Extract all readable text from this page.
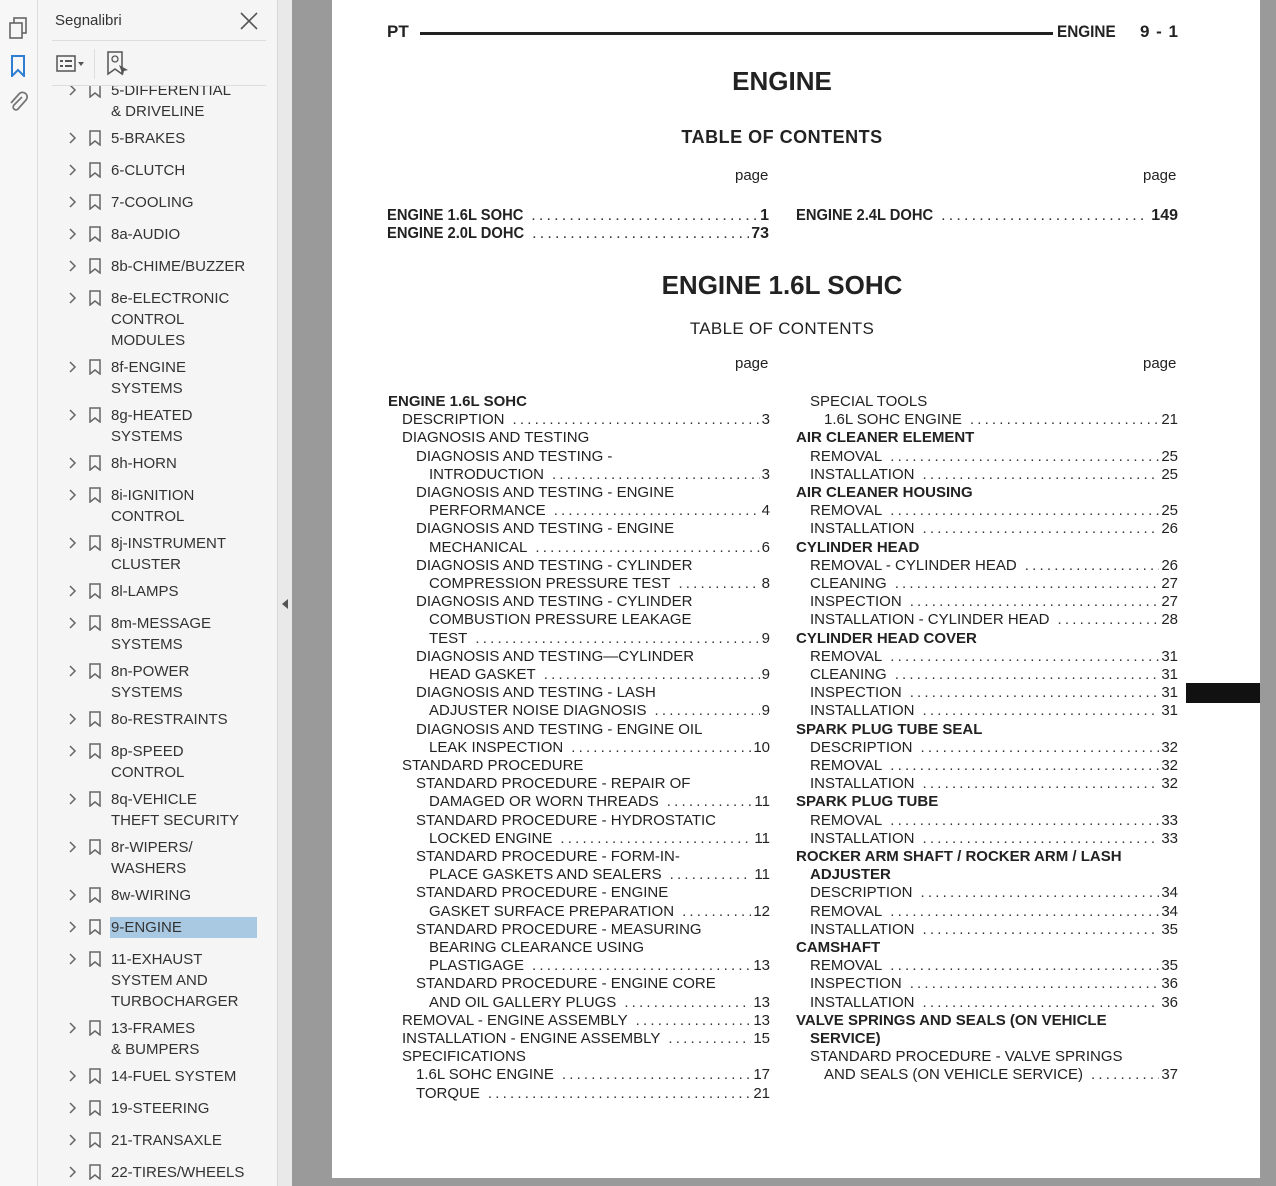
Segnalibri
5-DIFFERENTIAL
& DRIVELINE
5-BRAKES
6-CLUTCH
7-COOLING
8a-AUDIO
8b-CHIME/BUZZER
8e-ELECTRONIC
CONTROL
MODULES
8f-ENGINE
SYSTEMS
8g-HEATED
SYSTEMS
8h-HORN
8i-IGNITION
CONTROL
8j-INSTRUMENT
CLUSTER
8l-LAMPS
8m-MESSAGE
SYSTEMS
8n-POWER
SYSTEMS
8o-RESTRAINTS
8p-SPEED
CONTROL
8q-VEHICLE
THEFT SECURITY
8r-WIPERS/
WASHERS
8w-WIRING
9-ENGINE
11-EXHAUST
SYSTEM AND
TURBOCHARGER
13-FRAMES
& BUMPERS
14-FUEL SYSTEM
19-STEERING
21-TRANSAXLE
22-TIRES/WHEELS
PT	ENGINE 9 - 1
ENGINE
TABLE OF CONTENTS
page	page
ENGINE 1.6L SOHC .....	1
ENGINE 2.0L DOHC .....	73
ENGINE 2.4L DOHC .....	149
ENGINE 1.6L SOHC
TABLE OF CONTENTS
page	page
ENGINE 1.6L SOHC
DESCRIPTION .....	3
DIAGNOSIS AND TESTING
DIAGNOSIS AND TESTING -
INTRODUCTION .....	3
DIAGNOSIS AND TESTING - ENGINE
PERFORMANCE .....	4
DIAGNOSIS AND TESTING - ENGINE
MECHANICAL .....	6
DIAGNOSIS AND TESTING - CYLINDER
COMPRESSION PRESSURE TEST .....	8
DIAGNOSIS AND TESTING - CYLINDER
COMBUSTION PRESSURE LEAKAGE
TEST .....	9
DIAGNOSIS AND TESTING—CYLINDER
HEAD GASKET .....	9
DIAGNOSIS AND TESTING - LASH
ADJUSTER NOISE DIAGNOSIS .....	9
DIAGNOSIS AND TESTING - ENGINE OIL
LEAK INSPECTION .....	10
STANDARD PROCEDURE
STANDARD PROCEDURE - REPAIR OF
DAMAGED OR WORN THREADS .....	11
STANDARD PROCEDURE - HYDROSTATIC
LOCKED ENGINE .....	11
STANDARD PROCEDURE - FORM-IN-
PLACE GASKETS AND SEALERS .....	11
STANDARD PROCEDURE - ENGINE
GASKET SURFACE PREPARATION .....	12
STANDARD PROCEDURE - MEASURING
BEARING CLEARANCE USING
PLASTIGAGE .....	13
STANDARD PROCEDURE - ENGINE CORE
AND OIL GALLERY PLUGS .....	13
REMOVAL - ENGINE ASSEMBLY .....	13
INSTALLATION - ENGINE ASSEMBLY .....	15
SPECIFICATIONS
1.6L SOHC ENGINE .....	17
TORQUE .....	21
SPECIAL TOOLS
1.6L SOHC ENGINE .....	21
AIR CLEANER ELEMENT
REMOVAL .....	25
INSTALLATION .....	25
AIR CLEANER HOUSING
REMOVAL .....	25
INSTALLATION .....	26
CYLINDER HEAD
REMOVAL - CYLINDER HEAD .....	26
CLEANING .....	27
INSPECTION .....	27
INSTALLATION - CYLINDER HEAD .....	28
CYLINDER HEAD COVER
REMOVAL .....	31
CLEANING .....	31
INSPECTION .....	31
INSTALLATION .....	31
SPARK PLUG TUBE SEAL
DESCRIPTION .....	32
REMOVAL .....	32
INSTALLATION .....	32
SPARK PLUG TUBE
REMOVAL .....	33
INSTALLATION .....	33
ROCKER ARM SHAFT / ROCKER ARM / LASH
ADJUSTER
DESCRIPTION .....	34
REMOVAL .....	34
INSTALLATION .....	35
CAMSHAFT
REMOVAL .....	35
INSPECTION .....	36
INSTALLATION .....	36
VALVE SPRINGS AND SEALS (ON VEHICLE
SERVICE)
STANDARD PROCEDURE - VALVE SPRINGS
AND SEALS (ON VEHICLE SERVICE) .....	37
